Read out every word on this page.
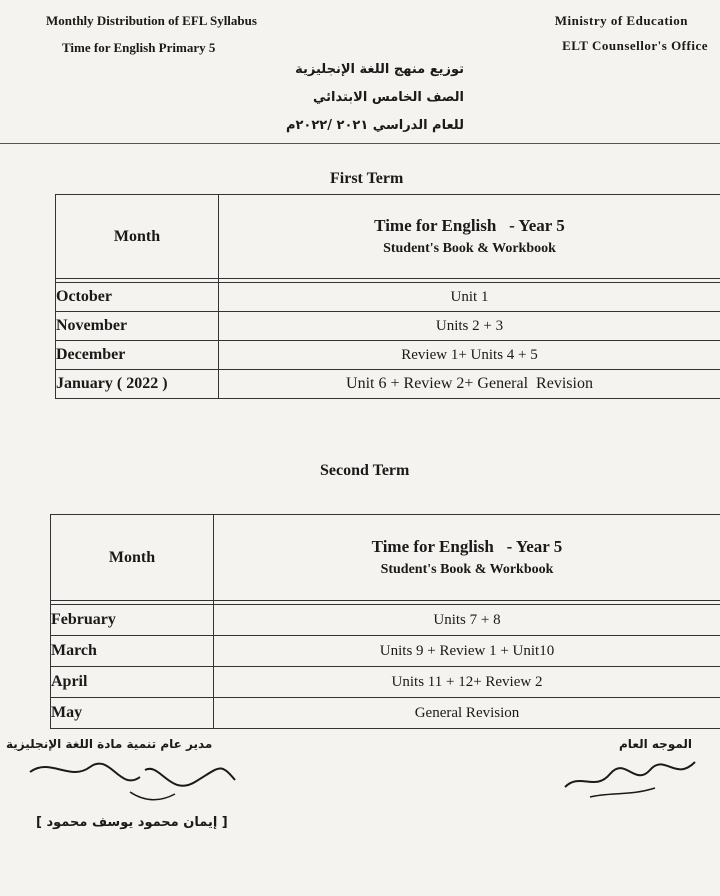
Monthly Distribution of EFL Syllabus
Time for English Primary 5
Ministry of Education
ELT Counsellor's Office
توزيع منهج اللغة الإنجليزية
الصف الخامس الابتدائي
للعام الدراسي ٢٠٢١ /٢٠٢٢م
First Term
Month	Time for English   - Year 5
Student's Book & Workbook

October	Unit 1
November	Units 2 + 3
December	Review 1+ Units 4 + 5
January ( 2022 )	Unit 6 + Review 2+ General  Revision
Second Term
Month	Time for English   - Year 5
Student's Book & Workbook

February	Units 7 + 8
March	Units 9 + Review 1 + Unit10
April	Units 11 + 12+ Review 2
May	General Revision
مدير عام تنمية مادة اللغة الإنجليزية
[ إيمان محمود يوسف محمود ]
الموجه العام
